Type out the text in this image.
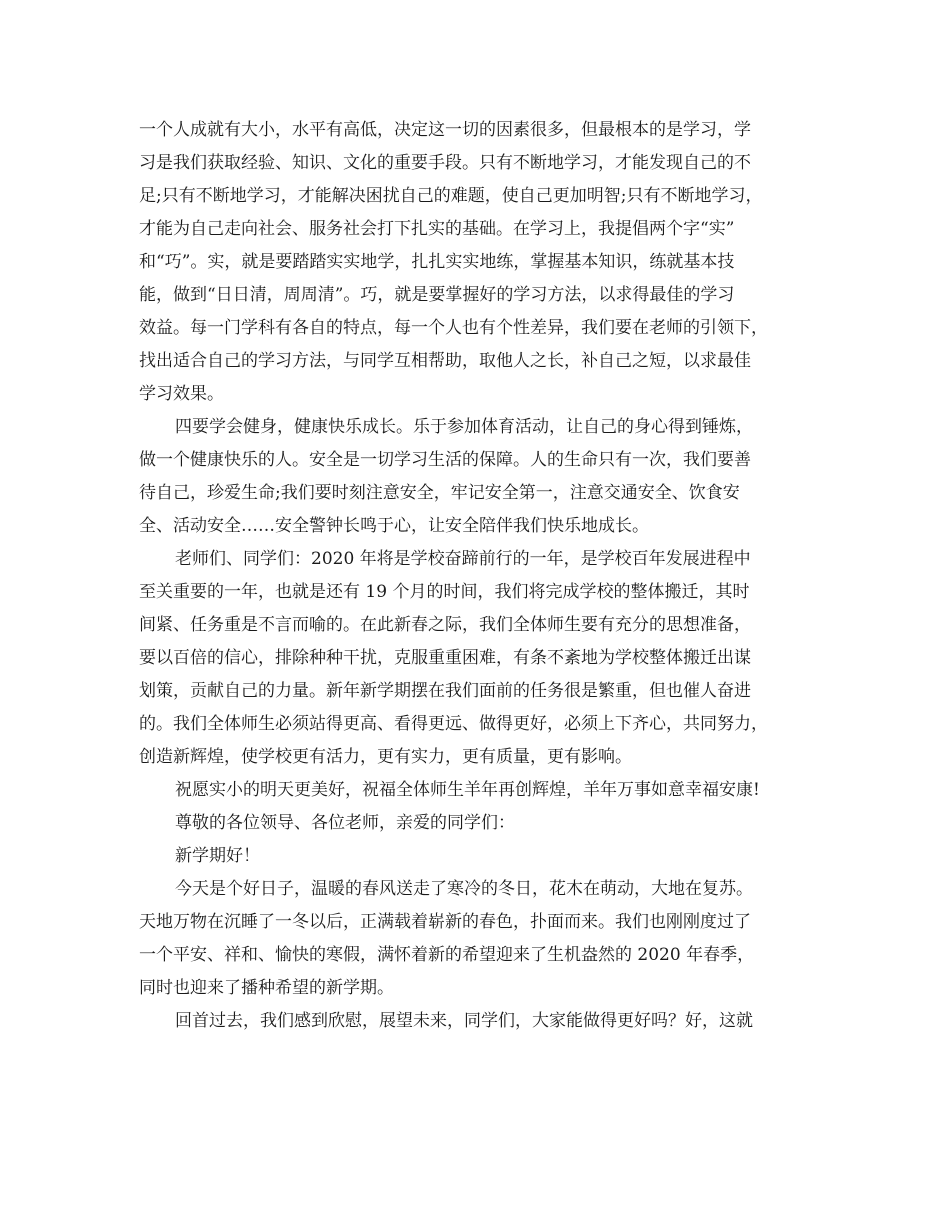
一个人成就有大小，水平有高低，决定这一切的因素很多，但最根本的是学习，学
习是我们获取经验、知识、文化的重要手段。只有不断地学习，才能发现自己的不
足;只有不断地学习，才能解决困扰自己的难题，使自己更加明智;只有不断地学习，
才能为自己走向社会、服务社会打下扎实的基础。在学习上，我提倡两个字“实”
和“巧”。实，就是要踏踏实实地学，扎扎实实地练，掌握基本知识，练就基本技
能，做到“日日清，周周清”。巧，就是要掌握好的学习方法，以求得最佳的学习
效益。每一门学科有各自的特点，每一个人也有个性差异，我们要在老师的引领下，
找出适合自己的学习方法，与同学互相帮助，取他人之长，补自己之短，以求最佳
学习效果。
四要学会健身，健康快乐成长。乐于参加体育活动，让自己的身心得到锤炼，
做一个健康快乐的人。安全是一切学习生活的保障。人的生命只有一次，我们要善
待自己，珍爱生命;我们要时刻注意安全，牢记安全第一，注意交通安全、饮食安
全、活动安全……安全警钟长鸣于心，让安全陪伴我们快乐地成长。
老师们、同学们：2020 年将是学校奋蹄前行的一年，是学校百年发展进程中
至关重要的一年，也就是还有 19 个月的时间，我们将完成学校的整体搬迁，其时
间紧、任务重是不言而喻的。在此新春之际，我们全体师生要有充分的思想准备，
要以百倍的信心，排除种种干扰，克服重重困难，有条不紊地为学校整体搬迁出谋
划策，贡献自己的力量。新年新学期摆在我们面前的任务很是繁重，但也催人奋进
的。我们全体师生必须站得更高、看得更远、做得更好，必须上下齐心，共同努力，
创造新辉煌，使学校更有活力，更有实力，更有质量，更有影响。
祝愿实小的明天更美好，祝福全体师生羊年再创辉煌，羊年万事如意幸福安康!
尊敬的各位领导、各位老师，亲爱的同学们：
新学期好！
今天是个好日子，温暖的春风送走了寒冷的冬日，花木在萌动，大地在复苏。
天地万物在沉睡了一冬以后，正满载着崭新的春色，扑面而来。我们也刚刚度过了
一个平安、祥和、愉快的寒假，满怀着新的希望迎来了生机盎然的 2020 年春季，
同时也迎来了播种希望的新学期。
回首过去，我们感到欣慰，展望未来，同学们，大家能做得更好吗？好，这就
